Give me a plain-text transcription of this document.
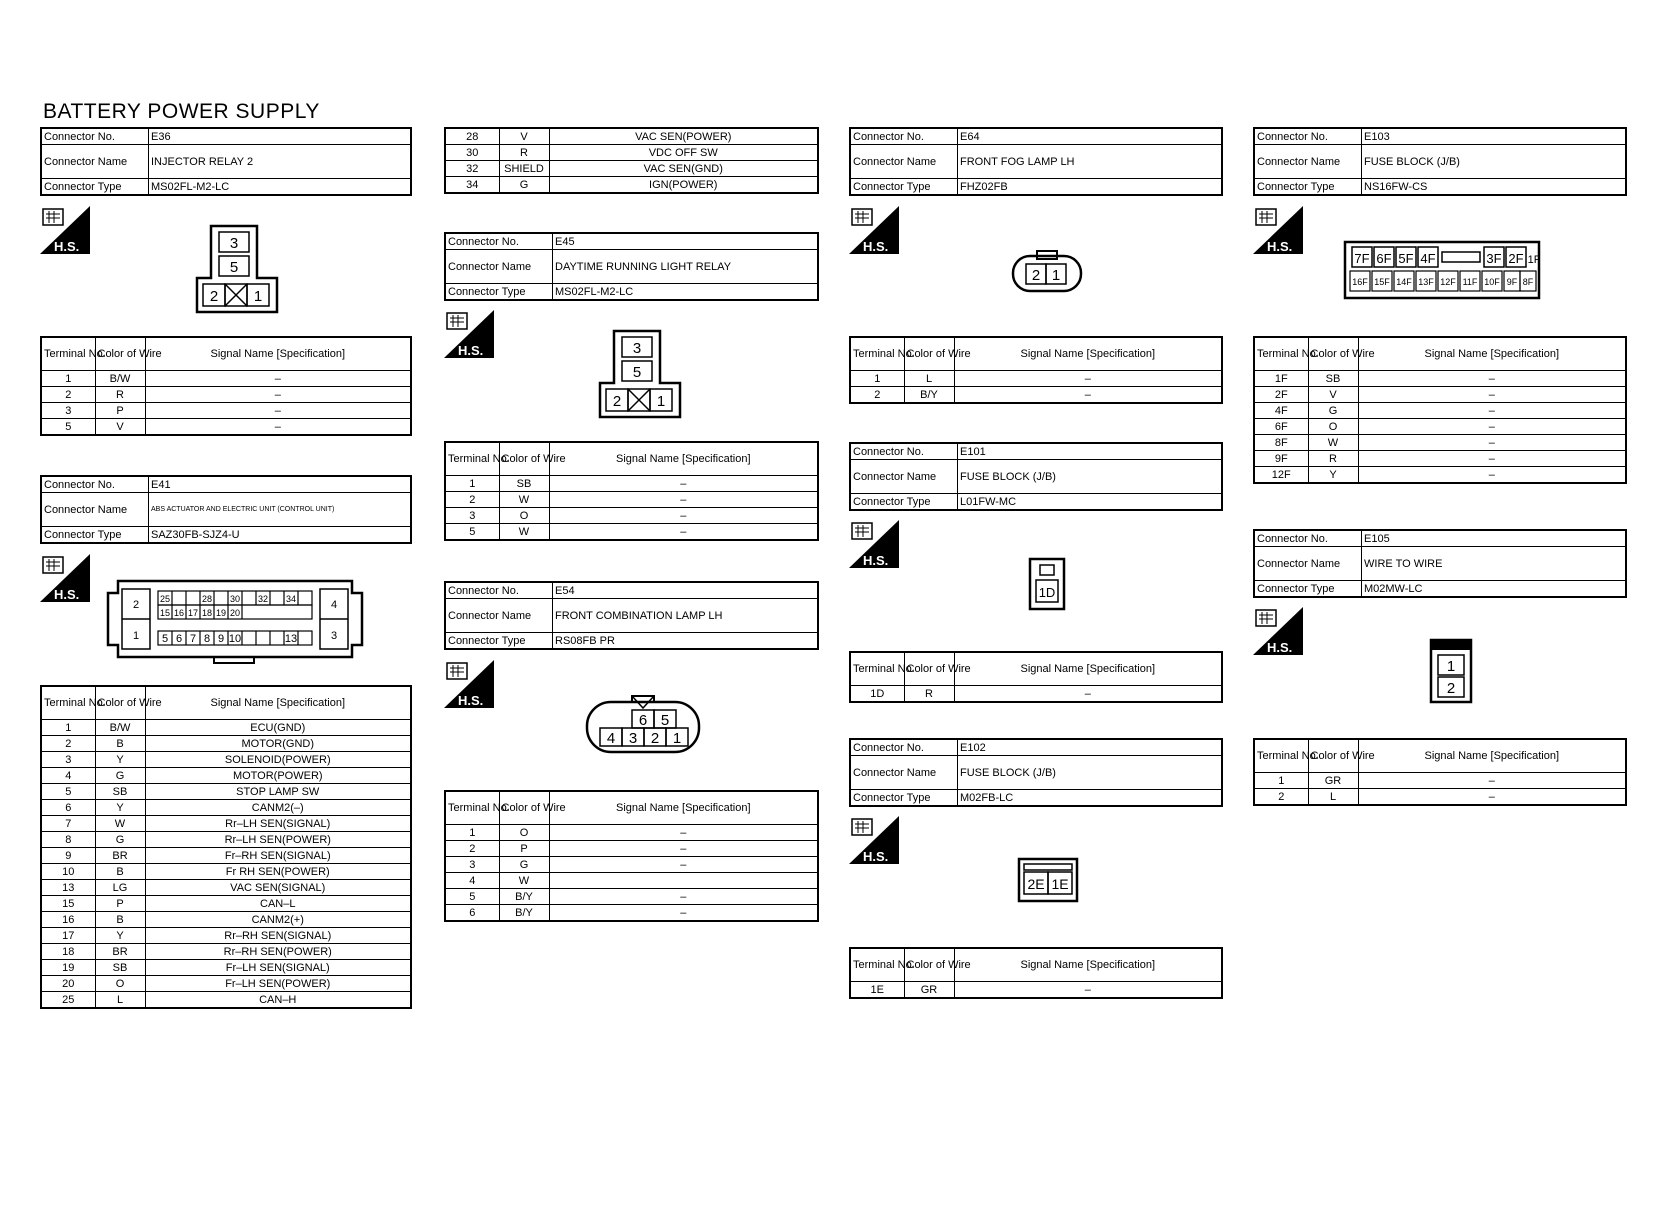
BATTERY POWER SUPPLY
Connector No.	E36
Connector Name	INJECTOR RELAY 2
Connector Type	MS02FL-M2-LC
H.S.	3
5
2 1
Terminal No.	Color of Wire	Signal Name [Specification]
1	B/W	–
2	R	–
3	P	–
5	V	–
Connector No.	E41
Connector Name	ABS ACTUATOR AND ELECTRIC UNIT (CONTROL UNIT)
Connector Type	SAZ30FB-SJZ4-U
H.S.	25	28 30 32 34
15 16 17 18 19 20
5 6 7 8 9 10	13
2
1
4
3
Terminal No.	Color of Wire	Signal Name [Specification]
1	B/W	ECU(GND)
2	B	MOTOR(GND)
3	Y	SOLENOID(POWER)
4	G	MOTOR(POWER)
5	SB	STOP LAMP SW
6	Y	CANM2(–)
7	W	Rr–LH SEN(SIGNAL)
8	G	Rr–LH SEN(POWER)
9	BR	Fr–RH SEN(SIGNAL)
10	B	Fr RH SEN(POWER)
13	LG	VAC SEN(SIGNAL)
15	P	CAN–L
16	B	CANM2(+)
17	Y	Rr–RH SEN(SIGNAL)
18	BR	Rr–RH SEN(POWER)
19	SB	Fr–LH SEN(SIGNAL)
20	O	Fr–LH SEN(POWER)
25	L	CAN–H
28	V	VAC SEN(POWER)
30	R	VDC OFF SW
32	SHIELD	VAC SEN(GND)
34	G	IGN(POWER)
Connector No.	E45
Connector Name	DAYTIME RUNNING LIGHT RELAY
Connector Type	MS02FL-M2-LC
H.S.	3
5
2 1
Terminal No.	Color of Wire	Signal Name [Specification]
1	SB	–
2	W	–
3	O	–
5	W	–
Connector No.	E54
Connector Name	FRONT COMBINATION LAMP LH
Connector Type	RS08FB PR
H.S.
6 5
4 3 2 1
Terminal No.	Color of Wire	Signal Name [Specification]
1	O	–
2	P	–
3	G	–
4	W	
5	B/Y	–
6	B/Y	–
Connector No.	E64
Connector Name	FRONT FOG LAMP LH
Connector Type	FHZ02FB
H.S.
2 1
Terminal No.	Color of Wire	Signal Name [Specification]
1	L	–
2	B/Y	–
Connector No.	E101
Connector Name	FUSE BLOCK (J/B)
Connector Type	L01FW-MC
H.S.
1D
Terminal No.	Color of Wire	Signal Name [Specification]
1D	R	–
Connector No.	E102
Connector Name	FUSE BLOCK (J/B)
Connector Type	M02FB-LC
H.S.
2E 1E
Terminal No.	Color of Wire	Signal Name [Specification]
1E	GR	–
Connector No.	E103
Connector Name	FUSE BLOCK (J/B)
Connector Type	NS16FW-CS
H.S.
7F 6F 5F 4F	3F 2F 1F
16F 15F 14F 13F 12F 11F 10F 9F 8F
Terminal No.	Color of Wire	Signal Name [Specification]
1F	SB	–
2F	V	–
4F	G	–
6F	O	–
8F	W	–
9F	R	–
12F	Y	–
Connector No.	E105
Connector Name	WIRE TO WIRE
Connector Type	M02MW-LC
H.S.
1
2
Terminal No.	Color of Wire	Signal Name [Specification]
1	GR	–
2	L	–
